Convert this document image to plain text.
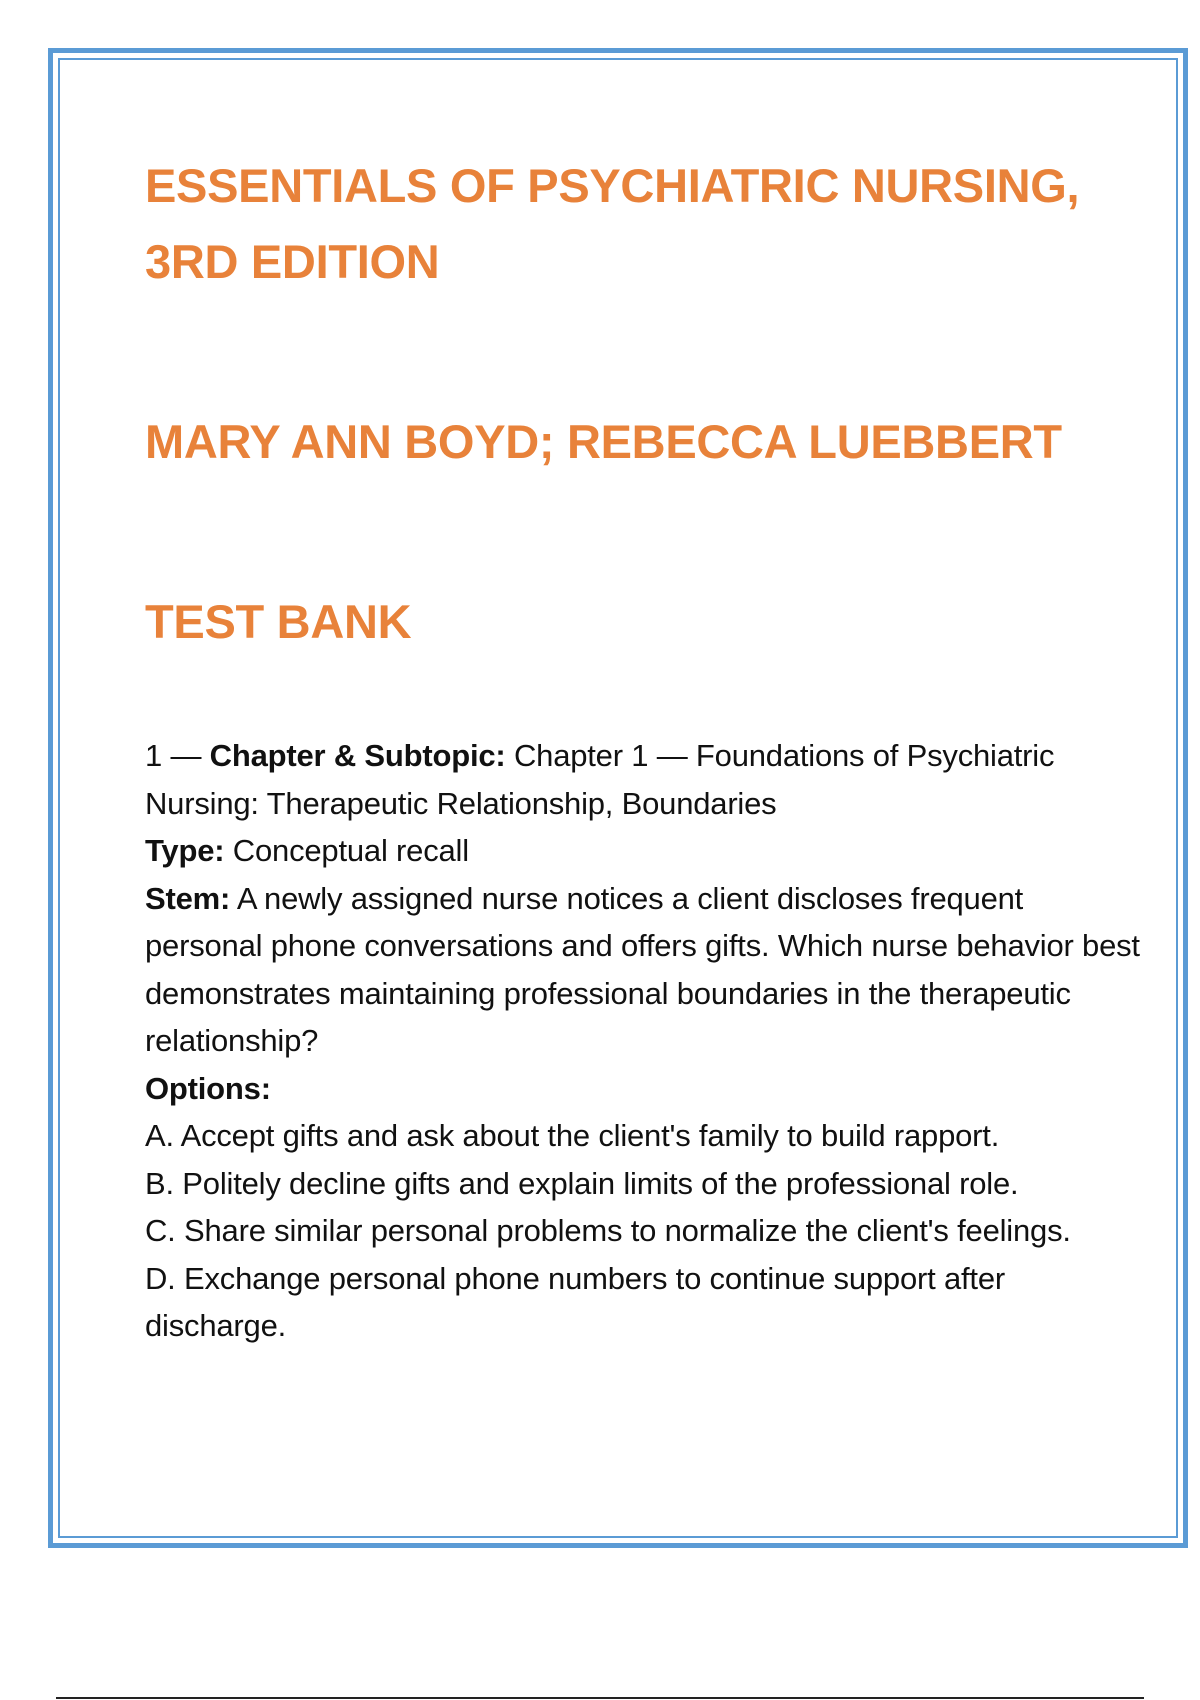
ESSENTIALS OF PSYCHIATRIC NURSING, 3RD EDITION
MARY ANN BOYD; REBECCA LUEBBERT
TEST BANK

1 — Chapter & Subtopic: Chapter 1 — Foundations of Psychiatric Nursing: Therapeutic Relationship, Boundaries

Type: Conceptual recall

Stem: A newly assigned nurse notices a client discloses frequent personal phone conversations and offers gifts. Which nurse behavior best demonstrates maintaining professional boundaries in the therapeutic relationship?

Options:

A. Accept gifts and ask about the client's family to build rapport.

B. Politely decline gifts and explain limits of the professional role.

C. Share similar personal problems to normalize the client's feelings.

D. Exchange personal phone numbers to continue support after discharge.
